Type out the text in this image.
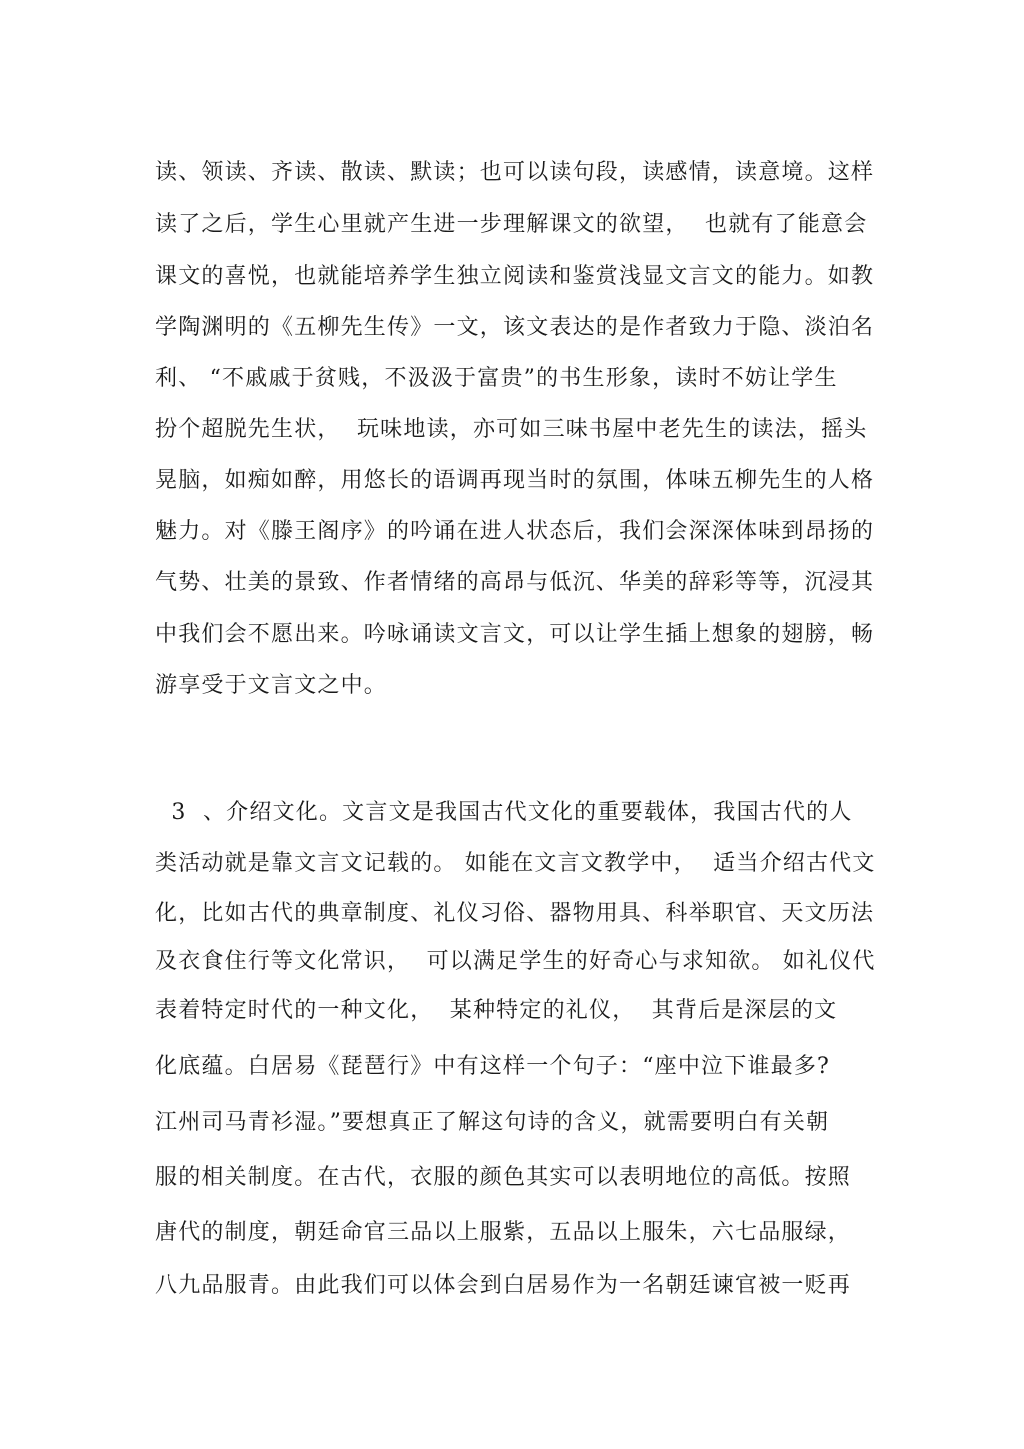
读、领读、齐读、散读、默读；也可以读句段，读感情，读意境。这样
读了之后，学生心里就产生进一步理解课文的欲望，  也就有了能意会
课文的喜悦，也就能培养学生独立阅读和鉴赏浅显文言文的能力。如教
学陶渊明的《五柳先生传》一文，该文表达的是作者致力于隐、淡泊名
利、 “不戚戚于贫贱，不汲汲于富贵”的书生形象，读时不妨让学生
扮个超脱先生状，  玩味地读，亦可如三味书屋中老先生的读法，摇头
晃脑，如痴如醉，用悠长的语调再现当时的氛围，体味五柳先生的人格
魅力。对《滕王阁序》的吟诵在进人状态后，我们会深深体味到昂扬的
气势、壮美的景致、作者情绪的高昂与低沉、华美的辞彩等等，沉浸其
中我们会不愿出来。吟咏诵读文言文，可以让学生插上想象的翅膀，畅
游享受于文言文之中。
3  、介绍文化。文言文是我国古代文化的重要载体，我国古代的人
类活动就是靠文言文记载的。 如能在文言文教学中，  适当介绍古代文
化，比如古代的典章制度、礼仪习俗、器物用具、科举职官、天文历法
及衣食住行等文化常识，  可以满足学生的好奇心与求知欲。 如礼仪代
表着特定时代的一种文化，  某种特定的礼仪，  其背后是深层的文
化底蕴。白居易《琵琶行》中有这样一个句子：“座中泣下谁最多?
江州司马青衫湿。”要想真正了解这句诗的含义，就需要明白有关朝
服的相关制度。在古代，衣服的颜色其实可以表明地位的高低。按照
唐代的制度，朝廷命官三品以上服紫，五品以上服朱，六七品服绿，
八九品服青。由此我们可以体会到白居易作为一名朝廷谏官被一贬再
